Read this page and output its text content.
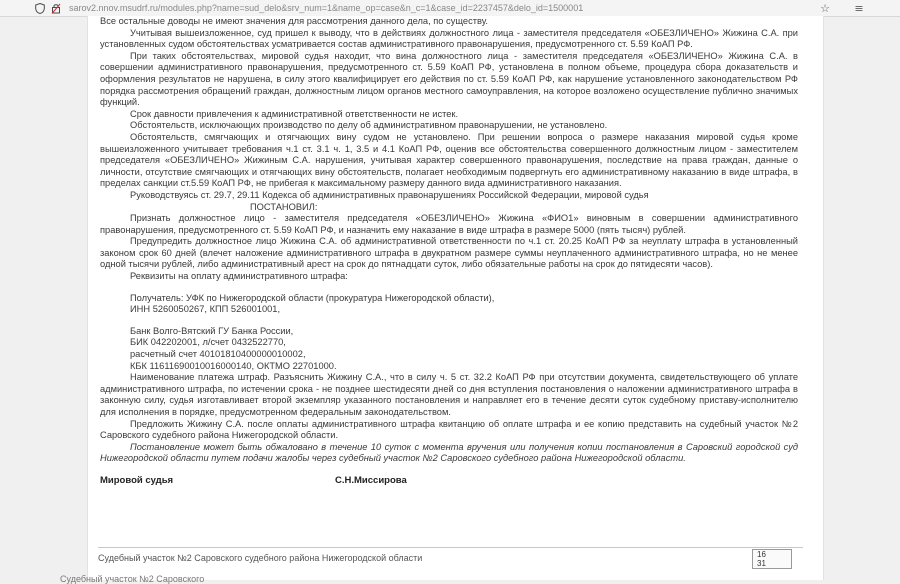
sarov2.nnov.msudrf.ru/modules.php?name=sud_delo&srv_num=1&name_op=case&n_c=1&case_id=2237457&delo_id=1500001	☆ ≡

Все остальные доводы не имеют значения для рассмотрения данного дела, по существу.

Учитывая вышеизложенное, суд пришел к выводу, что в действиях должностного лица - заместителя председателя «ОБЕЗЛИЧЕНО» Жижина С.А. при установленных судом обстоятельствах усматривается состав административного правонарушения, предусмотренного ст. 5.59 КоАП РФ.

При таких обстоятельствах, мировой судья находит, что вина должностного лица - заместителя председателя «ОБЕЗЛИЧЕНО» Жижина С.А. в совершении административного правонарушения, предусмотренного ст. 5.59 КоАП РФ, установлена в полном объеме, процедура сбора доказательств и оформления результатов не нарушена, в силу этого квалифицирует его действия по ст. 5.59 КоАП РФ, как нарушение установленного законодательством РФ порядка рассмотрения обращений граждан, должностным лицом органов местного самоуправления, на которое возложено осуществление публично значимых функций.

Срок давности привлечения к административной ответственности не истек.

Обстоятельств, исключающих производство по делу об административном правонарушении, не установлено.

Обстоятельств, смягчающих и отягчающих вину судом не установлено. При решении вопроса о размере наказания мировой судья кроме вышеизложенного учитывает требования ч.1 ст. 3.1 ч. 1, 3.5 и 4.1 КоАП РФ, оценив все обстоятельства совершенного должностным лицом - заместителем председателя «ОБЕЗЛИЧЕНО» Жижиным С.А. нарушения, учитывая характер совершенного правонарушения, последствие на права граждан, данные о личности, отсутствие смягчающих и отягчающих вину обстоятельств, полагает необходимым подвергнуть его административному наказанию в виде штрафа, в пределах санкции ст.5.59 КоАП РФ, не прибегая к максимальному размеру данного вида административного наказания.

Руководствуясь ст. 29.7, 29.11 Кодекса об административных правонарушениях Российской Федерации, мировой судья

ПОСТАНОВИЛ:

Признать должностное лицо - заместителя председателя «ОБЕЗЛИЧЕНО» Жижина «ФИО1» виновным в совершении административного правонарушения, предусмотренного ст. 5.59 КоАП РФ, и назначить ему наказание в виде штрафа в размере 5000 (пять тысяч) рублей.

Предупредить должностное лицо Жижина С.А. об административной ответственности по ч.1 ст. 20.25 КоАП РФ за неуплату штрафа в установленный законом срок 60 дней (влечет наложение административного штрафа в двукратном размере суммы неуплаченного административного штрафа, но не менее одной тысячи рублей, либо административный арест на срок до пятнадцати суток, либо обязательные работы на срок до пятидесяти часов).

Реквизиты на оплату административного штрафа:

Получатель: УФК по Нижегородской области (прокуратура Нижегородской области),

ИНН 5260050267, КПП 526001001,

Банк Волго-Вятский ГУ Банка России,

БИК 042202001, л/счет 0432522770,

расчетный счет 40101810400000010002,

КБК 11611690010016000140, ОКТМО 22701000.

Наименование платежа штраф. Разъяснить Жижину С.А., что в силу ч. 5 ст. 32.2 КоАП РФ при отсутствии документа, свидетельствующего об уплате административного штрафа, по истечении срока - не позднее шестидесяти дней со дня вступления постановления о наложении административного штрафа в законную силу, судья изготавливает второй экземпляр указанного постановления и направляет его в течение десяти суток судебному приставу-исполнителю для исполнения в порядке, предусмотренном федеральным законодательством.

Предложить Жижину С.А. после оплаты административного штрафа квитанцию об оплате штрафа и ее копию представить на судебный участок №2 Саровского судебного района Нижегородской области.

Постановление может быть обжаловано в течение 10 суток с момента вручения или получения копии постановления в Саровский городской суд Нижегородской области путем подачи жалобы через судебный участок №2 Саровского судебного района Нижегородской области.

Мировой судья	С.Н.Миссирова
Судебный участок №2 Саровского судебного района Нижегородской области	16
31
Судебный участок №2 Саровского
